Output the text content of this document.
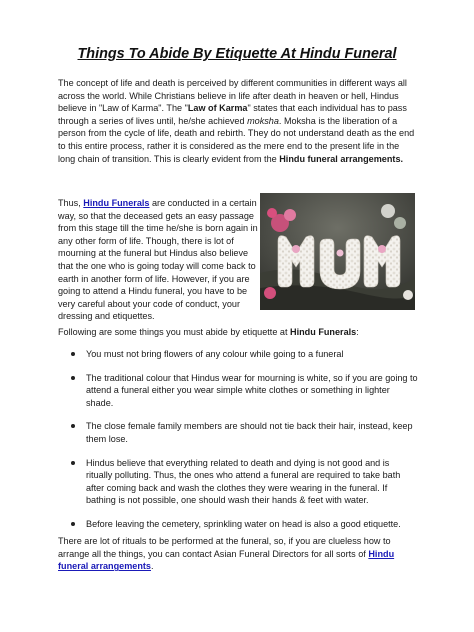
Things To Abide By Etiquette At Hindu Funeral

The concept of life and death is perceived by different communities in different ways all across the world. While Christians believe in life after death in heaven or hell, Hindus believe in "Law of Karma". The "Law of Karma" states that each individual has to pass through a series of lives until, he/she achieved moksha. Moksha is the liberation of a person from the cycle of life, death and rebirth. They do not understand death as the end to this entire process, rather it is considered as the mere end to the present life in the long chain of transition. This is clearly evident from the Hindu funeral arrangements.

Thus, Hindu Funerals are conducted in a certain way, so that the deceased gets an easy passage from this stage till the time he/she is born again in any other form of life. Though, there is lot of mourning at the funeral but Hindus also believe that the one who is going today will come back to earth in another form of life. However, if you are going to attend a Hindu funeral, you have to be very careful about your code of conduct, your dressing and etiquettes.

Following are some things you must abide by etiquette at Hindu Funerals:

You must not bring flowers of any colour while going to a funeral
The traditional colour that Hindus wear for mourning is white, so if you are going to attend a funeral either you wear simple white clothes or something in lighter shade.
The close female family members are should not tie back their hair, instead, keep them lose.
Hindus believe that everything related to death and dying is not good and is ritually polluting. Thus, the ones who attend a funeral are required to take bath after coming back and wash the clothes they were wearing in the funeral. If bathing is not possible, one should wash their hands & feet with water.
Before leaving the cemetery, sprinkling water on head is also a good etiquette.

There are lot of rituals to be performed at the funeral, so, if you are clueless how to arrange all the things, you can contact Asian Funeral Directors for all sorts of Hindu funeral arrangements.
